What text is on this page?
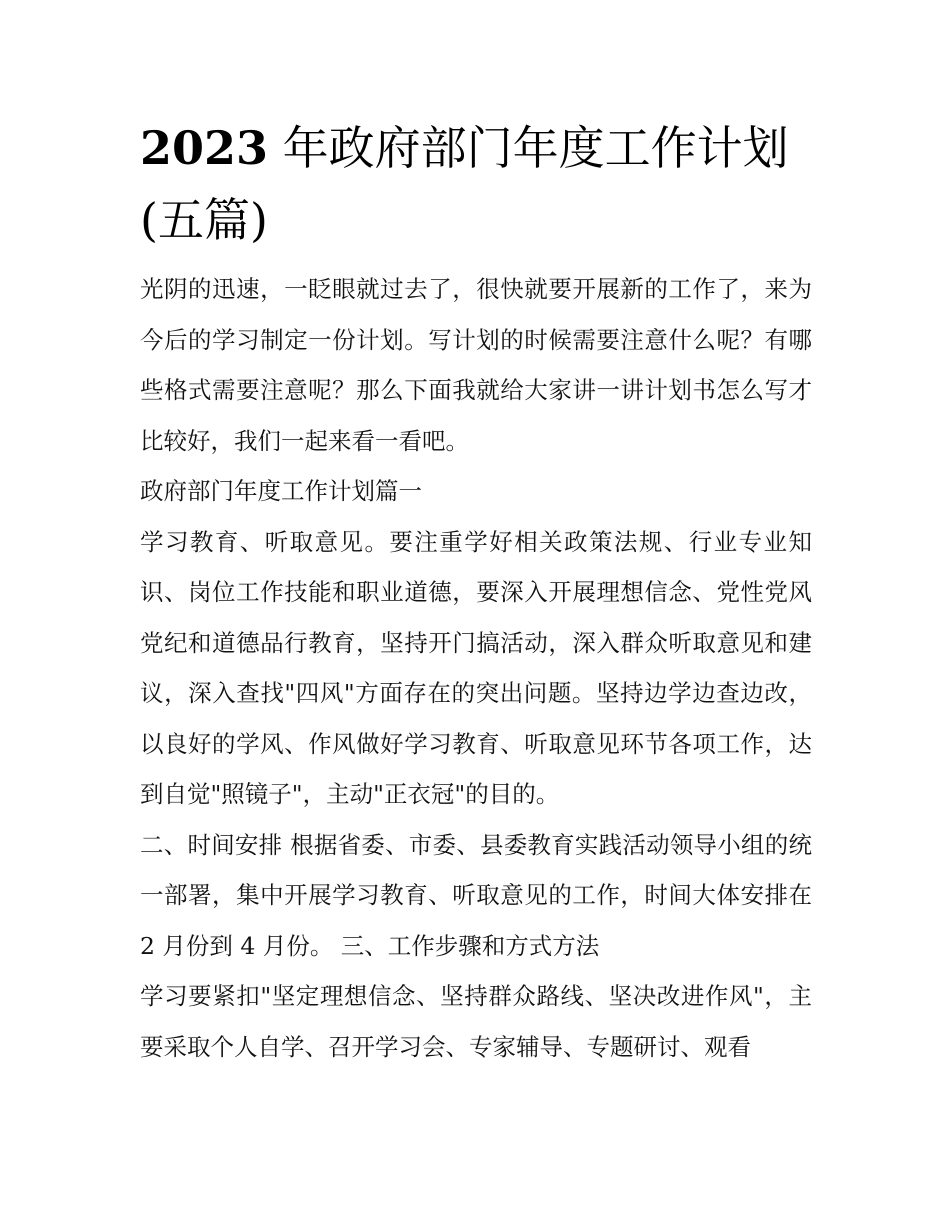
2023 年政府部门年度工作计划(五篇)

光阴的迅速，一眨眼就过去了，很快就要开展新的工作了，来为今后的学习制定一份计划。写计划的时候需要注意什么呢？有哪些格式需要注意呢？那么下面我就给大家讲一讲计划书怎么写才比较好，我们一起来看一看吧。

政府部门年度工作计划篇一

学习教育、听取意见。要注重学好相关政策法规、行业专业知识、岗位工作技能和职业道德，要深入开展理想信念、党性党风党纪和道德品行教育，坚持开门搞活动，深入群众听取意见和建议，深入查找"四风"方面存在的突出问题。坚持边学边查边改，以良好的学风、作风做好学习教育、听取意见环节各项工作，达到自觉"照镜子"，主动"正衣冠"的目的。

二、时间安排 根据省委、市委、县委教育实践活动领导小组的统一部署，集中开展学习教育、听取意见的工作，时间大体安排在 2 月份到 4 月份。 三、工作步骤和方式方法

学习要紧扣"坚定理想信念、坚持群众路线、坚决改进作风"，主要采取个人自学、召开学习会、专家辅导、专题研讨、观看
